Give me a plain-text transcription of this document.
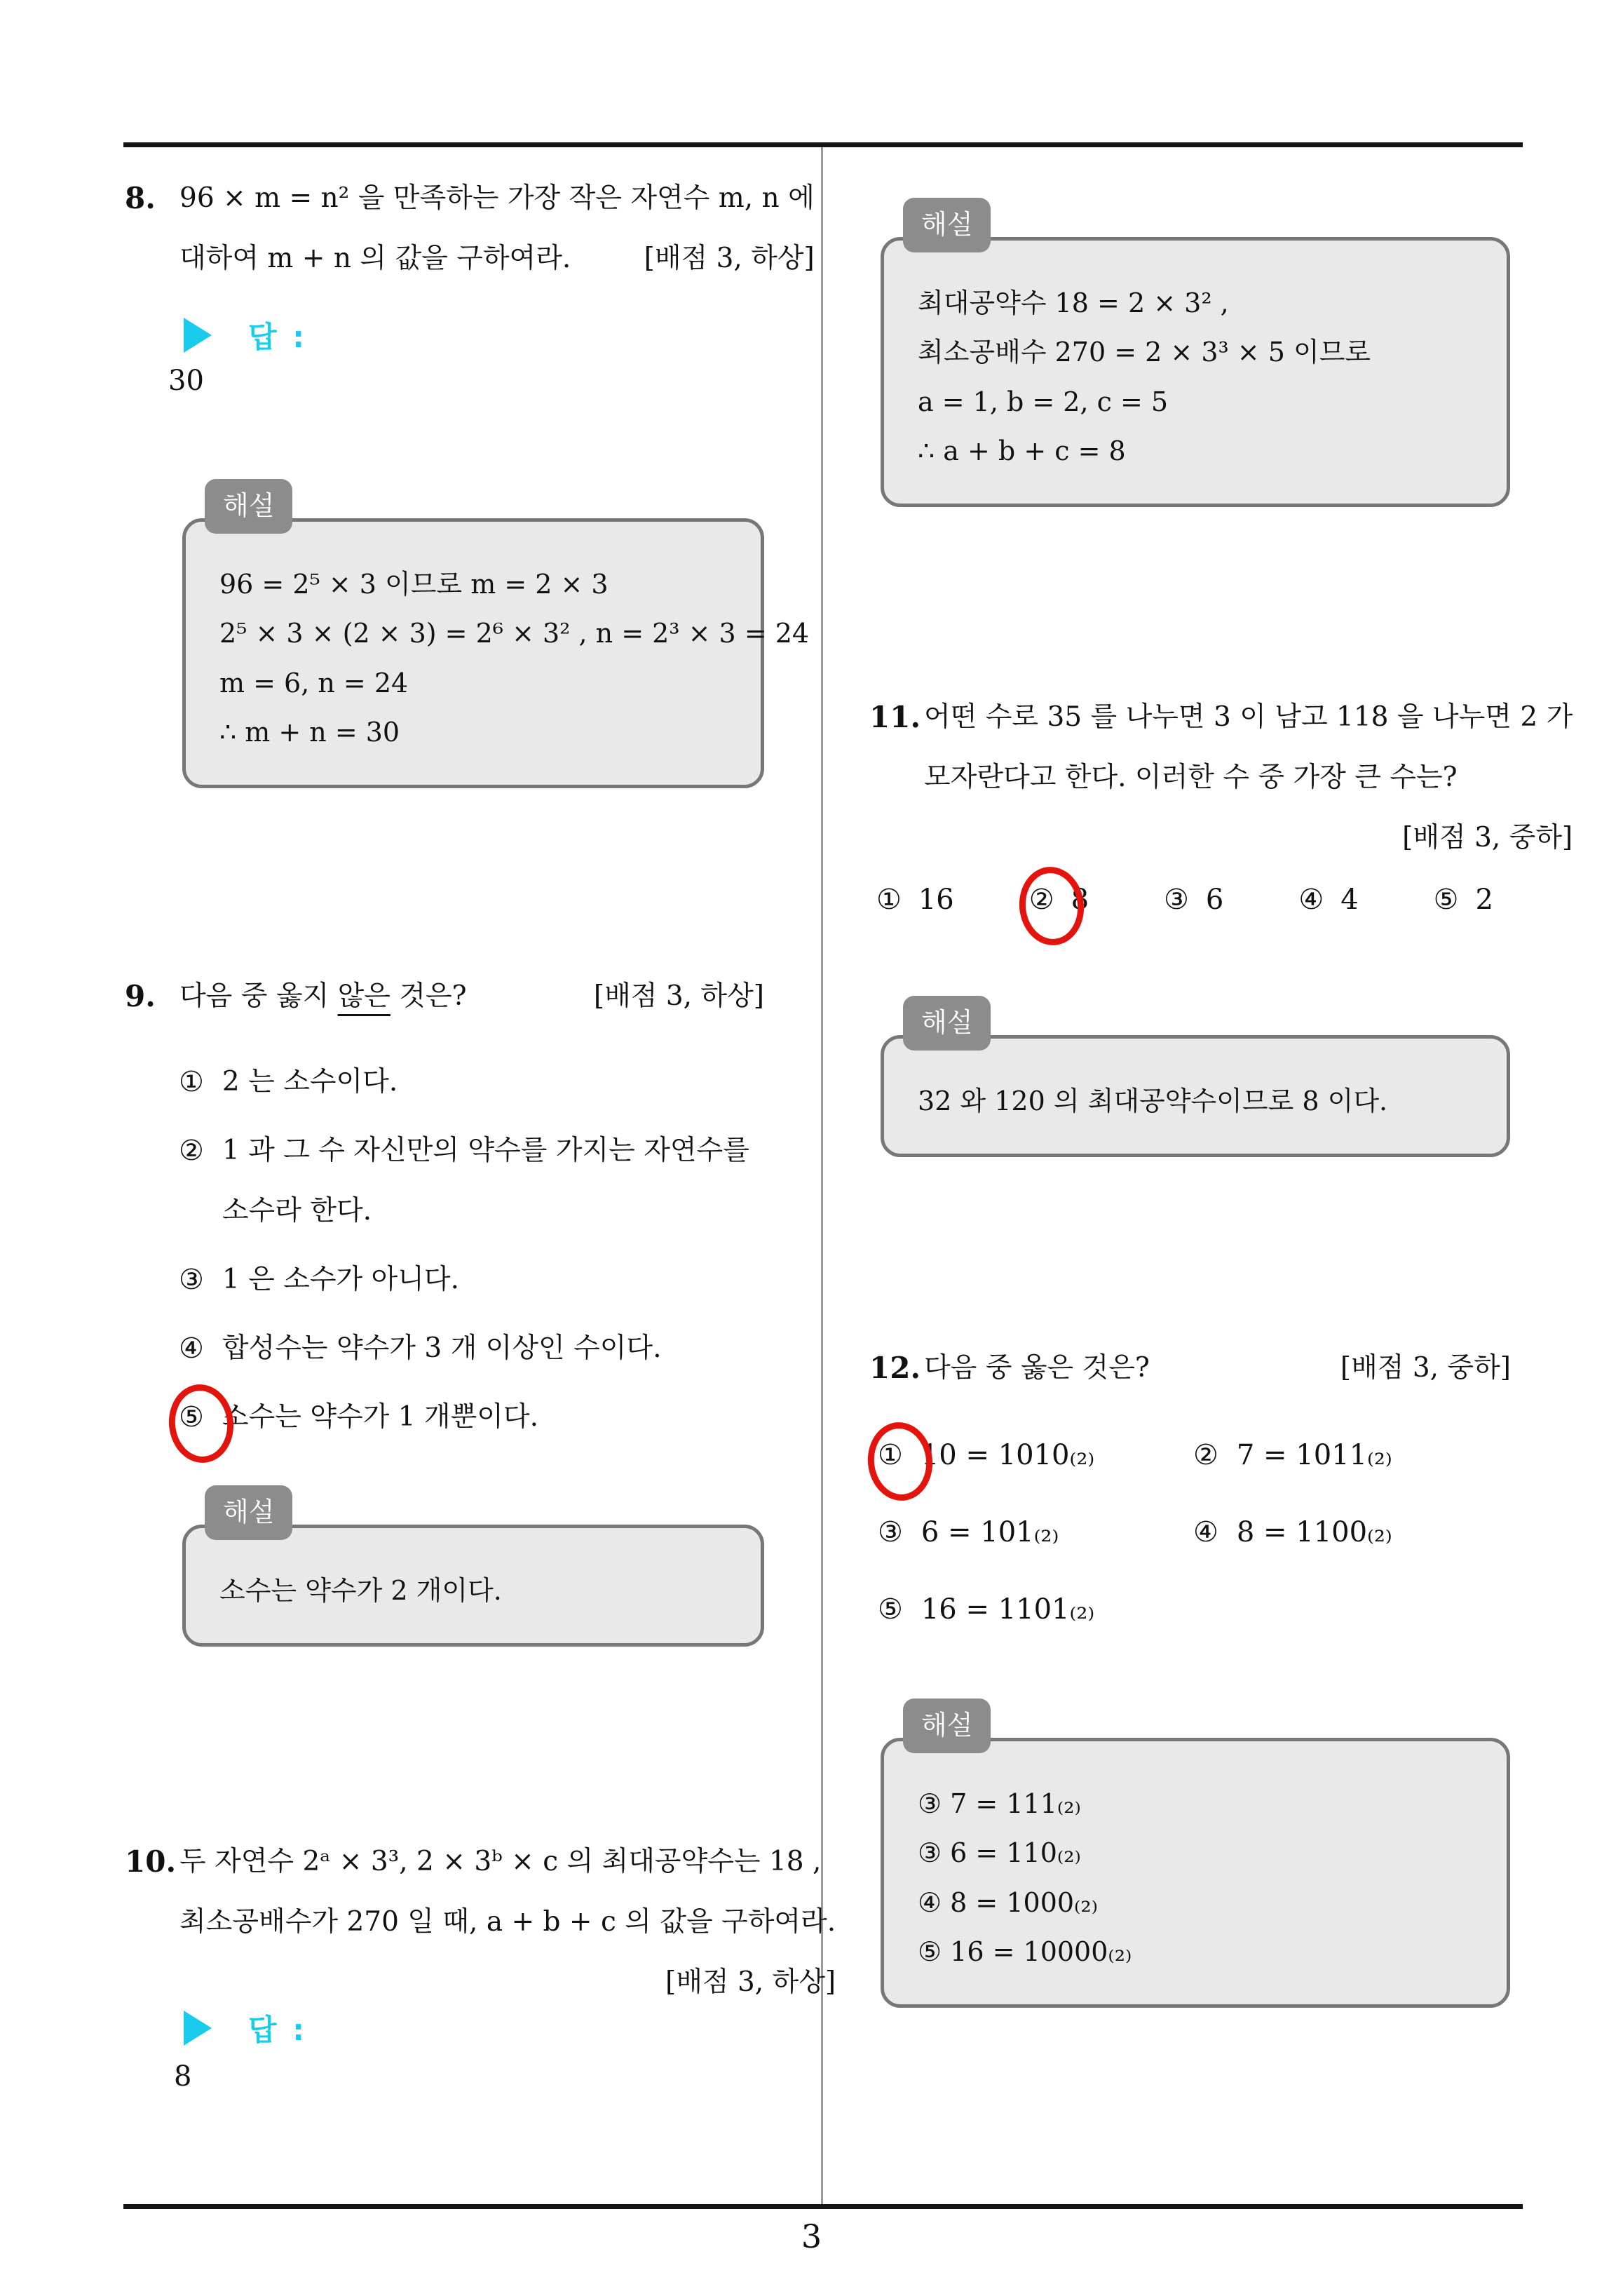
8. 96 × m = n² 을 만족하는 가장 작은 자연수 m, n 에
대하여 m + n 의 값을 구하여라.	[배점 3, 하상]
답 :
30
해설
96 = 2⁵ × 3 이므로 m = 2 × 3
2⁵ × 3 × (2 × 3) = 2⁶ × 3² , n = 2³ × 3 = 24
m = 6, n = 24
∴ m + n = 30
9. 다음 중 옳지 않은 것은?	[배점 3, 하상]
① 2 는 소수이다.
② 1 과 그 수 자신만의 약수를 가지는 자연수를
소수라 한다.
③ 1 은 소수가 아니다.
④ 합성수는 약수가 3 개 이상인 수이다.
⑤ 소수는 약수가 1 개뿐이다.
해설
소수는 약수가 2 개이다.
10. 두 자연수 2ᵃ × 3³, 2 × 3ᵇ × c 의 최대공약수는 18 ,
최소공배수가 270 일 때, a + b + c 의 값을 구하여라.
[배점 3, 하상]
답 :
8
해설
최대공약수 18 = 2 × 3² ,
최소공배수 270 = 2 × 3³ × 5 이므로
a = 1, b = 2, c = 5
∴ a + b + c = 8
11. 어떤 수로 35 를 나누면 3 이 남고 118 을 나누면 2 가
모자란다고 한다. 이러한 수 중 가장 큰 수는?
[배점 3, 중하]
① 16	② 8	③ 6	④ 4	⑤ 2
해설
32 와 120 의 최대공약수이므로 8 이다.
12. 다음 중 옳은 것은?	[배점 3, 중하]
① 10 = 1010₍₂₎	② 7 = 1011₍₂₎
③ 6 = 101₍₂₎	④ 8 = 1100₍₂₎
⑤ 16 = 1101₍₂₎
해설
③ 7 = 111₍₂₎
③ 6 = 110₍₂₎
④ 8 = 1000₍₂₎
⑤ 16 = 10000₍₂₎
3
